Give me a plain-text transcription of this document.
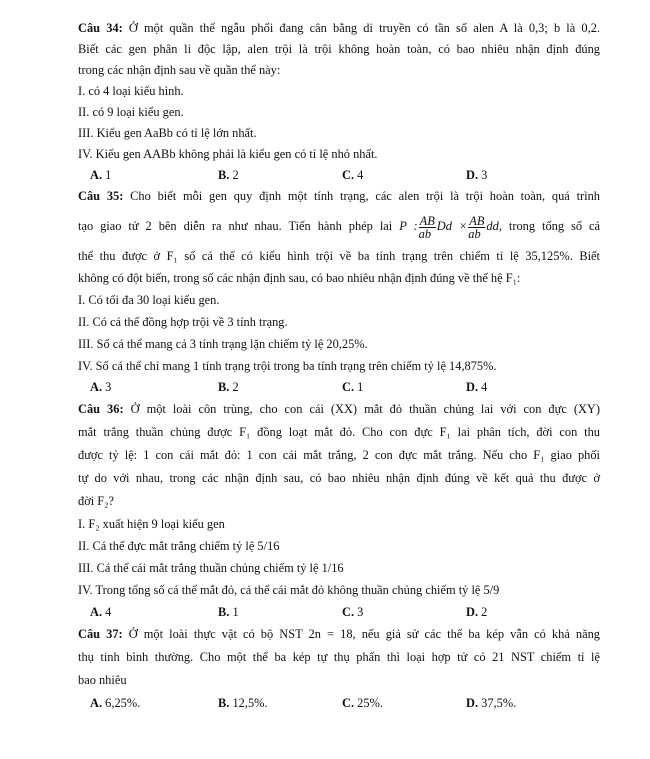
Câu 34: Ở một quần thể ngẫu phối đang cân bằng di truyền có tần số alen A là 0,3; b là 0,2.
Biết các gen phân li độc lập, alen trội là trội không hoàn toàn, có bao nhiêu nhận định đúng
trong các nhận định sau về quần thể này:
I. có 4 loại kiểu hình.
II. có 9 loại kiểu gen.
III. Kiểu gen AaBb có tỉ lệ lớn nhất.
IV. Kiểu gen AABb không phải là kiểu gen có tỉ lệ nhỏ nhất.
A. 1	B. 2	C. 4	D. 3
Câu 35: Cho biết mỗi gen quy định một tính trạng, các alen trội là trội hoàn toàn, quá trình
tạo giao tử 2 bên diễn ra như nhau. Tiến hành phép lai P : $\frac{AB}{ab}$ $Dd \times \frac{AB}{ab}$ dd, trong tổng số cá
thể thu được ở F₁ số cá thể có kiểu hình trội về ba tính trạng trên chiếm tỉ lệ 35,125%. Biết
không có đột biến, trong số các nhận định sau, có bao nhiêu nhận định đúng về thế hệ F₁:
I. Có tối đa 30 loại kiểu gen.
II. Có cá thể đồng hợp trội về 3 tính trạng.
III. Số cá thể mang cả 3 tính trạng lặn chiếm tỷ lệ 20,25%.
IV. Số cá thể chỉ mang 1 tính trạng trội trong ba tính trạng trên chiếm tỷ lệ 14,875%.
A. 3	B. 2	C. 1	D. 4
Câu 36: Ở một loài côn trùng, cho con cái (XX) mắt đỏ thuần chủng lai với con đực (XY)
mắt trắng thuần chủng được F₁ đồng loạt mắt đỏ. Cho con đực F₁ lai phân tích, đời con thu
được tỷ lệ: 1 con cái mắt đỏ: 1 con cái mắt trắng, 2 con đực mắt trắng. Nếu cho F₁ giao phối
tự do với nhau, trong các nhận định sau, có bao nhiêu nhận định đúng về kết quả thu được ở
đời F₂?
I. F₂ xuất hiện 9 loại kiểu gen
II. Cá thể đực mắt trắng chiếm tỷ lệ 5/16
III. Cá thể cái mắt trắng thuần chủng chiếm tỷ lệ 1/16
IV. Trong tổng số cá thể mắt đỏ, cá thể cái mắt đỏ không thuần chủng chiếm tỷ lệ 5/9
A. 4	B. 1	C. 3	D. 2
Câu 37: Ở một loài thực vật có bộ NST 2n = 18, nếu giả sử các thể ba kép vẫn có khả năng
thụ tinh bình thường. Cho một thể ba kép tự thụ phấn thì loại hợp tử có 21 NST chiếm tỉ lệ
bao nhiêu
A. 6,25%.	B. 12,5%.	C. 25%.	D. 37,5%.
